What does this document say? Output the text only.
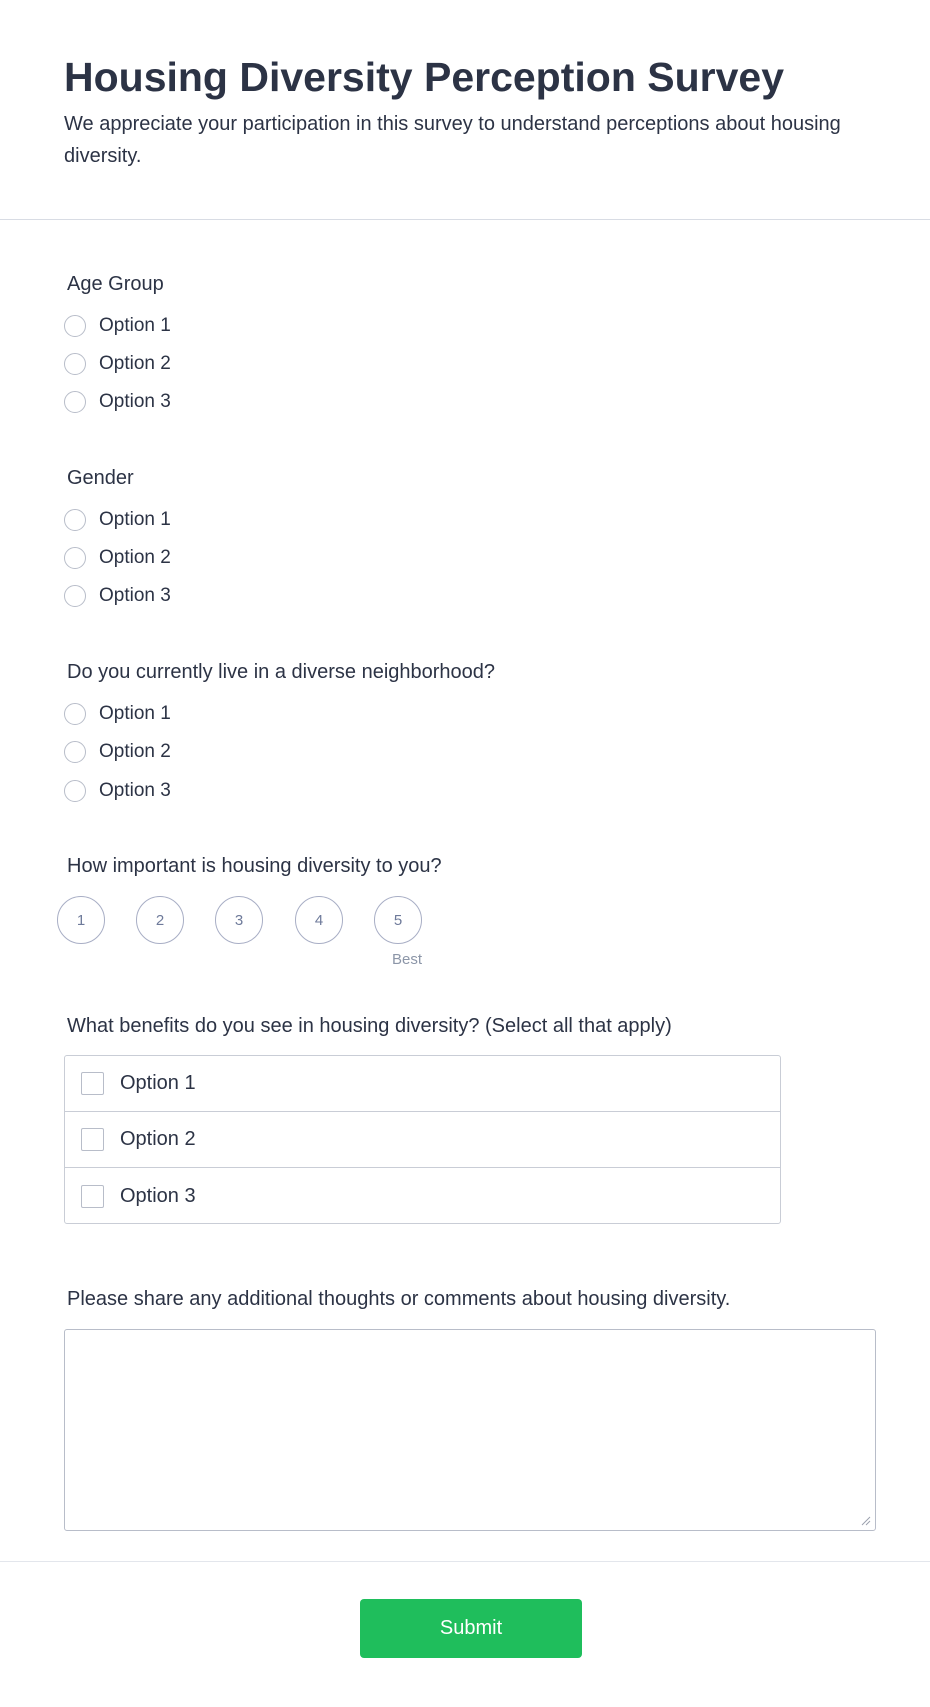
Housing Diversity Perception Survey

We appreciate your participation in this survey to understand perceptions about housing diversity.

Age Group
Option 1
Option 2
Option 3
Gender
Option 1
Option 2
Option 3
Do you currently live in a diverse neighborhood?
Option 1
Option 2
Option 3
How important is housing diversity to you?
1	2	3	4	5
Best
What benefits do you see in housing diversity? (Select all that apply)
Option 1
Option 2
Option 3
Please share any additional thoughts or comments about housing diversity.
Submit
